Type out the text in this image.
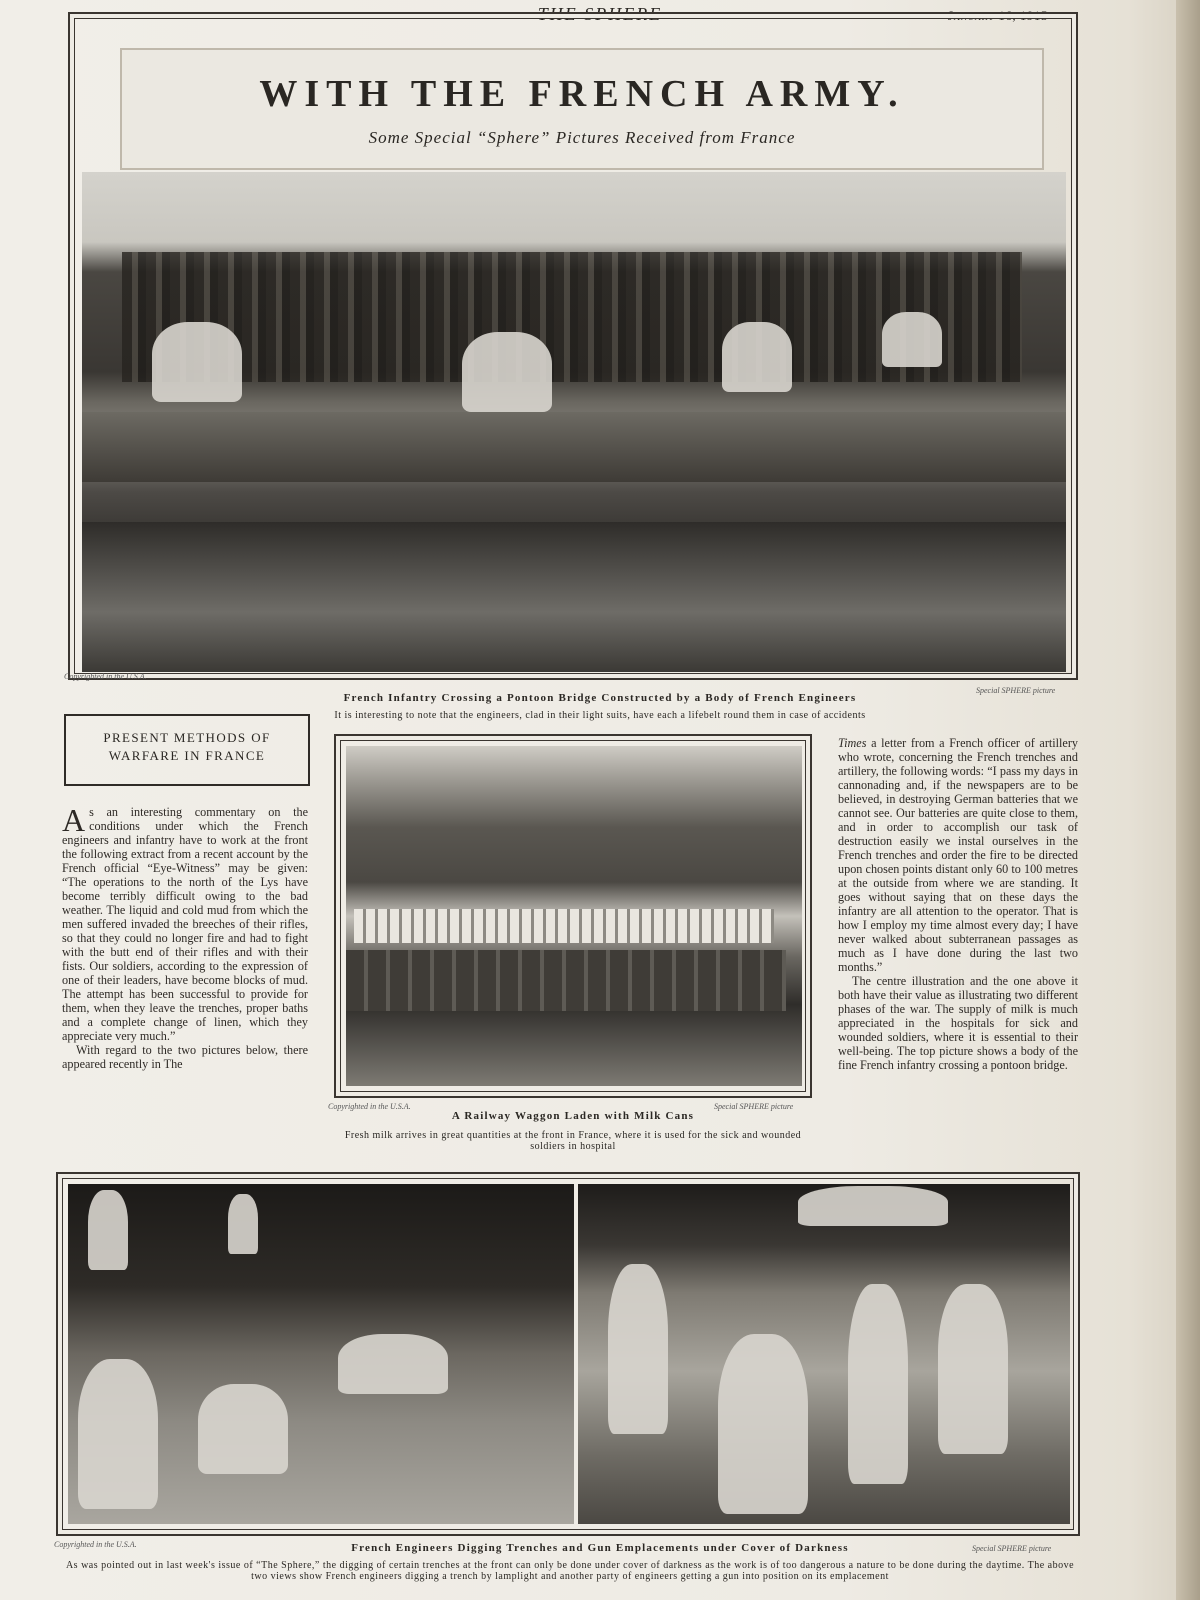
THE SPHERE	January 16, 1915
WITH THE FRENCH ARMY.
Some Special “Sphere” Pictures Received from France
Copyrighted in the U.S.A.
Special SPHERE picture
French Infantry Crossing a Pontoon Bridge Constructed by a Body of French Engineers
It is interesting to note that the engineers, clad in their light suits, have each a lifebelt round them in case of accidents
PRESENT METHODS OF WARFARE IN FRANCE
As an interesting commentary on the conditions under which the French engineers and infantry have to work at the front the following extract from a recent account by the French official “Eye-Witness” may be given: “The operations to the north of the Lys have become terribly difficult owing to the bad weather. The liquid and cold mud from which the men suffered invaded the breeches of their rifles, so that they could no longer fire and had to fight with the butt end of their rifles and with their fists. Our soldiers, according to the expression of one of their leaders, have become blocks of mud. The attempt has been successful to provide for them, when they leave the trenches, proper baths and a complete change of linen, which they appreciate very much.”
With regard to the two pictures below, there appeared recently in The
Copyrighted in the U.S.A.	Special SPHERE picture
A Railway Waggon Laden with Milk Cans
Fresh milk arrives in great quantities at the front in France, where it is used for the sick and wounded soldiers in hospital
Times a letter from a French officer of artillery who wrote, concerning the French trenches and artillery, the following words: “I pass my days in cannonading and, if the newspapers are to be believed, in destroying German batteries that we cannot see. Our batteries are quite close to them, and in order to accomplish our task of destruction easily we instal ourselves in the French trenches and order the fire to be directed upon chosen points distant only 60 to 100 metres at the outside from where we are standing. It goes without saying that on these days the infantry are all attention to the operator. That is how I employ my time almost every day; I have never walked about subterranean passages as much as I have done during the last two months.”
The centre illustration and the one above it both have their value as illustrating two different phases of the war. The supply of milk is much appreciated in the hospitals for sick and wounded soldiers, where it is essential to their well-being. The top picture shows a body of the fine French infantry crossing a pontoon bridge.
Copyrighted in the U.S.A.	Special SPHERE picture
French Engineers Digging Trenches and Gun Emplacements under Cover of Darkness
As was pointed out in last week's issue of “The Sphere,” the digging of certain trenches at the front can only be done under cover of darkness as the work is of too dangerous a nature to be done during the daytime. The above two views show French engineers digging a trench by lamplight and another party of engineers getting a gun into position on its emplacement
